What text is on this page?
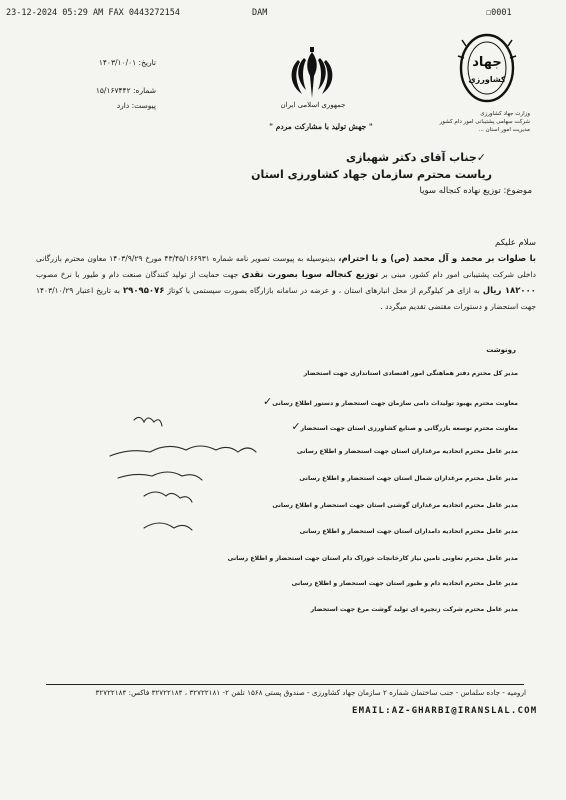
23-12-2024 05:29 AM FAX 0443272154	DAM	☐0001
تاریخ: ۱۴۰۳/۱۰/۰۱
شماره: ۱۵/۱۶۷۴۴۲
پیوست: دارد	جمهوری اسلامی ایران
" جهش تولید با مشارکت مردم "
جهاد
کشاورزی
وزارت جهاد کشاورزی
شرکت سهامی پشتیبانی امور دام کشور
مدیریت امور استان ...
✓جناب آقای دکتر شهبازی
ریاست محترم سازمان جهاد کشاورزی استان
موضوع: توزیع نهاده کنجاله سویا
سلام علیکم
با صلوات بر محمد و آل محمد (ص) و با احترام، بدینوسیله به پیوست تصویر نامه شماره ۴۳/۴۵/۱۶۶۹۳۱ مورخ ۱۴۰۳/۹/۲۹ معاون محترم بازرگانی داخلی شرکت پشتیبانی امور دام کشور، مبنی بر توزیع کنجاله سویا بصورت نقدی جهت حمایت از تولید کنندگان صنعت دام و طیور با نرخ مصوب ۱۸۲۰۰۰ ریال به ازای هر کیلوگرم از محل انبارهای استان ، و عرضه در سامانه بازارگاه بصورت سیستمی با کوتاژ ۲۹۰۹۵۰۷۶ به تاریخ اعتبار ۱۴۰۳/۱۰/۲۹ جهت استحضار و دستورات مقتضی تقدیم میگردد .
رونوشت
مدیر کل محترم دفتر هماهنگی امور اقتصادی استانداری جهت استحضار
معاونت محترم بهبود تولیدات دامی سازمان جهت استحضار و دستور اطلاع رسانی✓
معاونت محترم توسعه بازرگانی و صنایع کشاورزی استان جهت استحضار✓
مدیر عامل محترم اتحادیه مرغداران استان جهت استحضار و اطلاع رسانی
مدیر عامل محترم مرغداران شمال استان جهت استحضار و اطلاع رسانی
مدیر عامل محترم اتحادیه مرغداران گوشتی استان جهت استحضار و اطلاع رسانی
مدیر عامل محترم اتحادیه دامداران استان جهت استحضار و اطلاع رسانی
مدیر عامل محترم تعاونی تامین نیاز کارخانجات خوراک دام استان جهت استحضار و اطلاع رسانی
مدیر عامل محترم اتحادیه دام و طیور استان جهت استحضار و اطلاع رسانی
مدیر عامل محترم شرکت زنجیره ای تولید گوشت مرغ جهت استحضار
ارومیه - جاده سلماس - جنب ساختمان شماره ۲ سازمان جهاد کشاورزی - صندوق پستی ۱۵۶۸ تلفن ۲- ۳۲۷۲۲۱۸۱ ، ۳۲۷۲۲۱۸۴ فاکس: ۳۲۷۲۲۱۸۴
EMAIL:AZ-GHARBI@IRANSLAL.COM
